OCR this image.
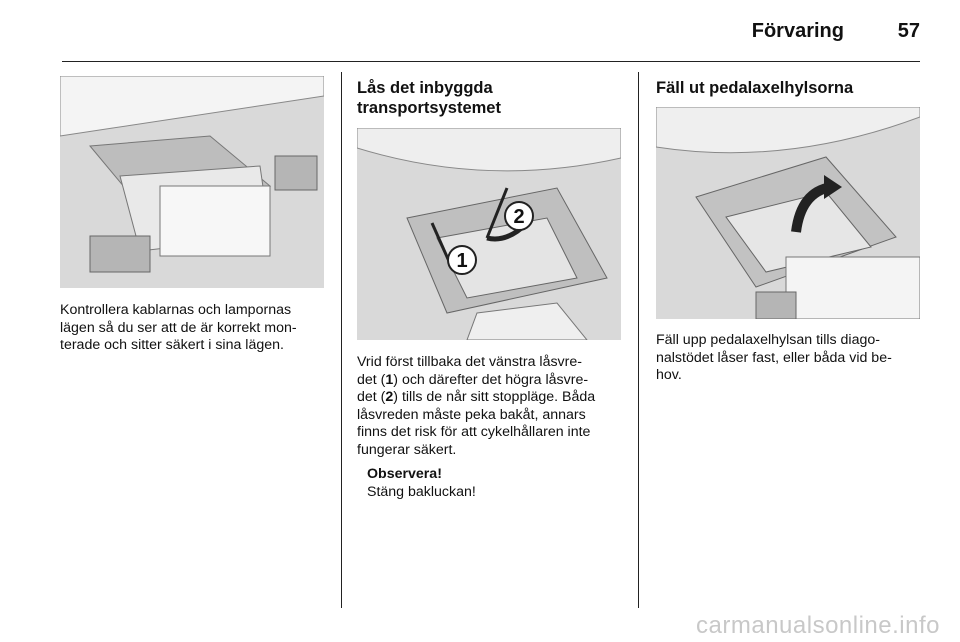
Förvaring	57

Kontrollera kablarnas och lampornas
lägen så du ser att de är korrekt mon-
terade och sitter säkert i sina lägen.

Lås det inbyggda
transportsystemet
1
2

Vrid först tillbaka det vänstra låsvre-
det (1) och därefter det högra låsvre-
det (2) tills de når sitt stoppläge. Båda
låsvreden måste peka bakåt, annars
finns det risk för att cykelhållaren inte
fungerar säkert.

Observera!
Stäng bakluckan!
Fäll ut pedalaxelhylsorna

Fäll upp pedalaxelhylsan tills diago-
nalstödet låser fast, eller båda vid be-
hov.

carmanualsonline.info
